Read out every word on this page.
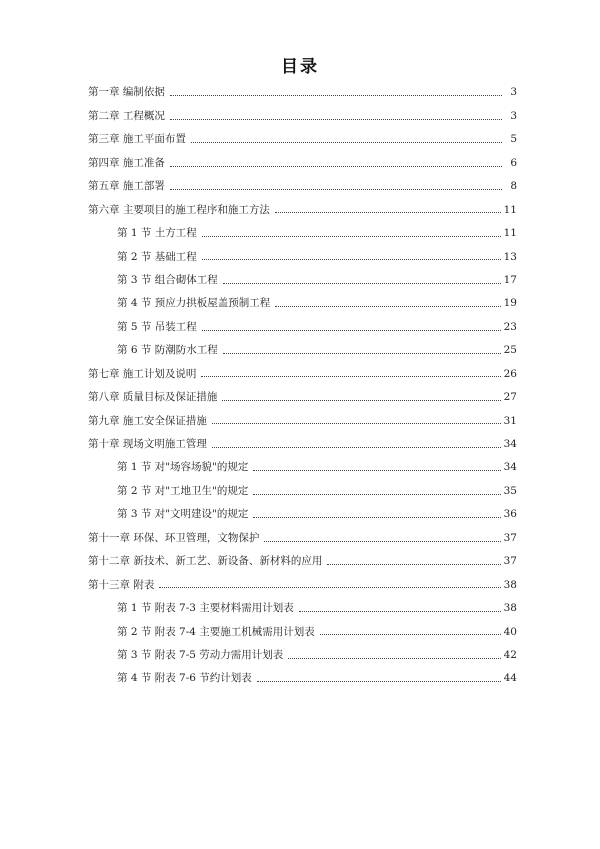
目录
第一章 编制依据	3
第二章 工程概况	3
第三章 施工平面布置	5
第四章 施工准备	6
第五章 施工部署	8
第六章 主要项目的施工程序和施工方法	11
第 1 节 土方工程	11
第 2 节 基础工程	13
第 3 节 组合砌体工程	17
第 4 节 预应力拱板屋盖预制工程	19
第 5 节 吊装工程	23
第 6 节 防潮防水工程	25
第七章 施工计划及说明	26
第八章 质量目标及保证措施	27
第九章 施工安全保证措施	31
第十章 现场文明施工管理	34
第 1 节 对"场容场貌"的规定	34
第 2 节 对"工地卫生"的规定	35
第 3 节 对"文明建设"的规定	36
第十一章 环保、环卫管理，文物保护	37
第十二章 新技术、新工艺、新设备、新材料的应用	37
第十三章 附表	38
第 1 节 附表 7-3 主要材料需用计划表	38
第 2 节 附表 7-4 主要施工机械需用计划表	40
第 3 节 附表 7-5 劳动力需用计划表	42
第 4 节 附表 7-6 节约计划表	44
